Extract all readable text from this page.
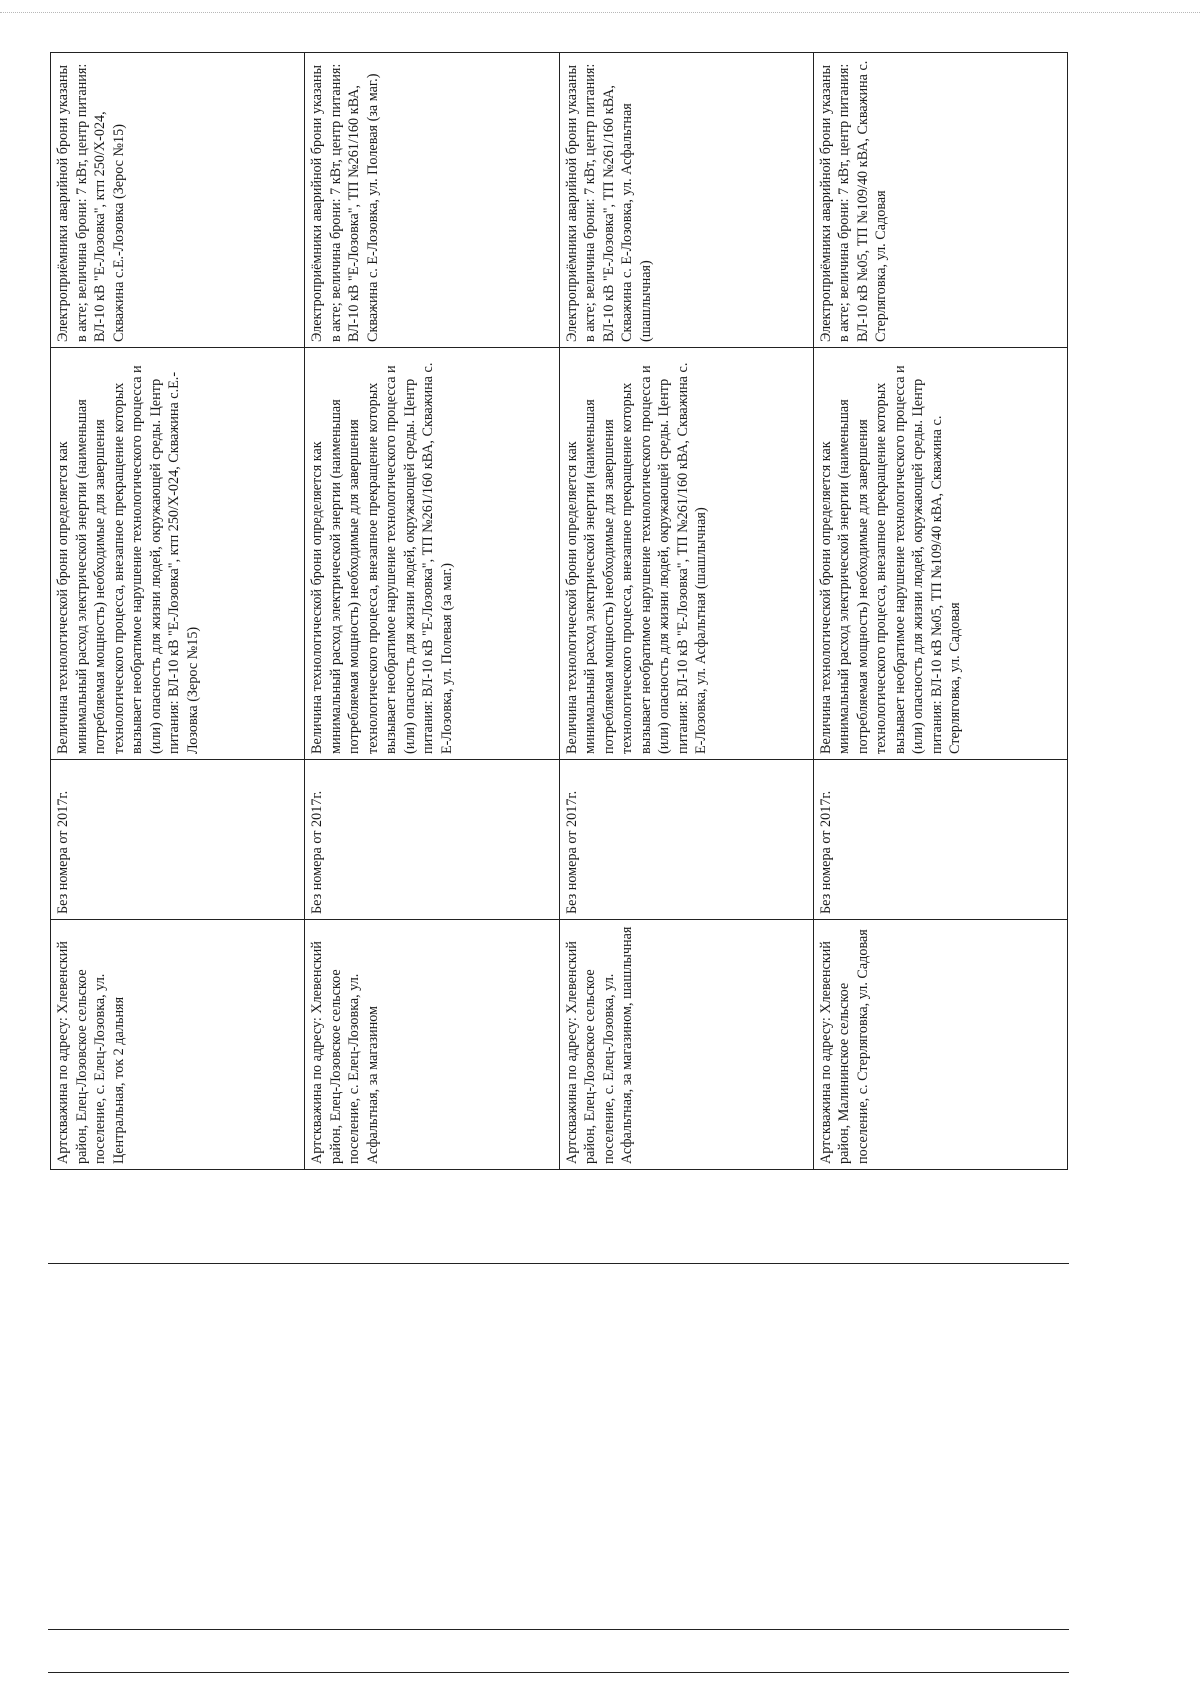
Артскважина по адресу: Хлевенский район, Елец-Лозовское сельское поселение, с. Елец-Лозовка, ул. Центральная, ток 2 дальняя	Без номера от 2017г.	Величина технологической брони определяется как минимальный расход электрической энергии (наименьшая потребляемая мощность) необходимые для завершения технологического процесса, внезапное прекращение которых вызывает необратимое нарушение технологического процесса и (или) опасность для жизни людей, окружающей среды. Центр питания: ВЛ-10 кВ "Е-Лозовка", ктп 250/Х-024, Скважина с.Е.-Лозовка (Зерос №15)	Электроприёмники аварийной брони указаны в акте; величина брони: 7 кВт, центр питания: ВЛ-10 кВ "Е-Лозовка", ктп 250/Х-024, Скважина с.Е.-Лозовка (Зерос №15)
Артскважина по адресу: Хлевенский район, Елец-Лозовское сельское поселение, с. Елец-Лозовка, ул. Асфальтная, за магазином	Без номера от 2017г.	Величина технологической брони определяется как минимальный расход электрической энергии (наименьшая потребляемая мощность) необходимые для завершения технологического процесса, внезапное прекращение которых вызывает необратимое нарушение технологического процесса и (или) опасность для жизни людей, окружающей среды. Центр питания: ВЛ-10 кВ "Е-Лозовка", ТП №261/160 кВА, Скважина с. Е-Лозовка, ул. Полевая (за маг.)	Электроприёмники аварийной брони указаны в акте; величина брони: 7 кВт, центр питания: ВЛ-10 кВ "Е-Лозовка", ТП №261/160 кВА, Скважина с. Е-Лозовка, ул. Полевая (за маг.)
Артскважина по адресу: Хлевенский район, Елец-Лозовское сельское поселение, с. Елец-Лозовка, ул. Асфальтная, за магазином, шашлычная	Без номера от 2017г.	Величина технологической брони определяется как минимальный расход электрической энергии (наименьшая потребляемая мощность) необходимые для завершения технологического процесса, внезапное прекращение которых вызывает необратимое нарушение технологического процесса и (или) опасность для жизни людей, окружающей среды. Центр питания: ВЛ-10 кВ "Е-Лозовка", ТП №261/160 кВА, Скважина с. Е-Лозовка, ул. Асфальтная (шашлычная)	Электроприёмники аварийной брони указаны в акте; величина брони: 7 кВт, центр питания: ВЛ-10 кВ "Е-Лозовка", ТП №261/160 кВА, Скважина с. Е-Лозовка, ул. Асфальтная (шашлычная)
Артскважина по адресу: Хлевенский район, Малининское сельское поселение, с. Стерляговка, ул. Садовая	Без номера от 2017г.	Величина технологической брони определяется как минимальный расход электрической энергии (наименьшая потребляемая мощность) необходимые для завершения технологического процесса, внезапное прекращение которых вызывает необратимое нарушение технологического процесса и (или) опасность для жизни людей, окружающей среды. Центр питания: ВЛ-10 кВ №05, ТП №109/40 кВА, Скважина с. Стерляговка, ул. Садовая	Электроприёмники аварийной брони указаны в акте; величина брони: 7 кВт, центр питания: ВЛ-10 кВ №05, ТП №109/40 кВА, Скважина с. Стерляговка, ул. Садовая
